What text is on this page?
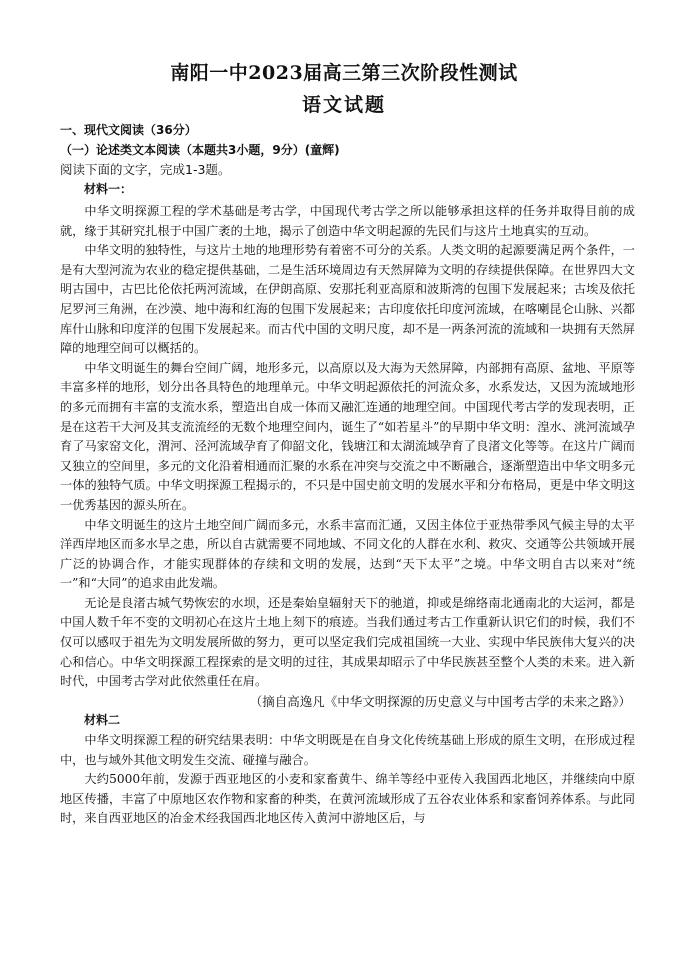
南阳一中2023届高三第三次阶段性测试
语文试题

一、现代文阅读（36分）

（一）论述类文本阅读（本题共3小题，9分）(童辉)

阅读下面的文字，完成1-3题。

材料一：

中华文明探源工程的学术基础是考古学，中国现代考古学之所以能够承担这样的任务并取得目前的成就，缘于其研究扎根于中国广袤的土地，揭示了创造中华文明起源的先民们与这片土地真实的互动。

中华文明的独特性，与这片土地的地理形势有着密不可分的关系。人类文明的起源要满足两个条件，一是有大型河流为农业的稳定提供基础，二是生活环境周边有天然屏障为文明的存续提供保障。在世界四大文明古国中，古巴比伦依托两河流域，在伊朗高原、安那托利亚高原和波斯湾的包围下发展起来；古埃及依托尼罗河三角洲，在沙漠、地中海和红海的包围下发展起来；古印度依托印度河流域，在喀喇昆仑山脉、兴都库什山脉和印度洋的包围下发展起来。而古代中国的文明尺度，却不是一两条河流的流域和一块拥有天然屏障的地理空间可以概括的。

中华文明诞生的舞台空间广阔，地形多元，以高原以及大海为天然屏障，内部拥有高原、盆地、平原等丰富多样的地形，划分出各具特色的地理单元。中华文明起源依托的河流众多，水系发达，又因为流域地形的多元而拥有丰富的支流水系，塑造出自成一体而又融汇连通的地理空间。中国现代考古学的发现表明，正是在这若干大河及其支流流经的无数个地理空间内，诞生了“如若星斗”的早期中华文明：湟水、洮河流域孕育了马家窑文化，渭河、泾河流域孕育了仰韶文化，钱塘江和太湖流域孕育了良渚文化等等。在这片广阔而又独立的空间里，多元的文化沿着相通而汇聚的水系在冲突与交流之中不断融合，逐渐塑造出中华文明多元一体的独特气质。中华文明探源工程揭示的，不只是中国史前文明的发展水平和分布格局，更是中华文明这一优秀基因的源头所在。

中华文明诞生的这片土地空间广阔而多元，水系丰富而汇通，又因主体位于亚热带季风气候主导的太平洋西岸地区而多水旱之患，所以自古就需要不同地域、不同文化的人群在水利、救灾、交通等公共领域开展广泛的协调合作，才能实现群体的存续和文明的发展，达到“天下太平”之境。中华文明自古以来对“统一”和“大同”的追求由此发端。

无论是良渚古城气势恢宏的水坝，还是秦始皇辐射天下的驰道，抑或是绵络南北通南北的大运河，都是中国人数千年不变的文明初心在这片土地上刻下的痕迹。当我们通过考古工作重新认识它们的时候，我们不仅可以感叹于祖先为文明发展所做的努力，更可以坚定我们完成祖国统一大业、实现中华民族伟大复兴的决心和信心。中华文明探源工程探索的是文明的过往，其成果却昭示了中华民族甚至整个人类的未来。进入新时代，中国考古学对此依然重任在肩。

（摘自高逸凡《中华文明探源的历史意义与中国考古学的未来之路》）

材料二

中华文明探源工程的研究结果表明：中华文明既是在自身文化传统基础上形成的原生文明，在形成过程中，也与域外其他文明发生交流、碰撞与融合。

大约5000年前，发源于西亚地区的小麦和家畜黄牛、绵羊等经中亚传入我国西北地区，并继续向中原地区传播，丰富了中原地区农作物和家畜的种类，在黄河流域形成了五谷农业体系和家畜饲养体系。与此同时，来自西亚地区的冶金术经我国西北地区传入黄河中游地区后，与
